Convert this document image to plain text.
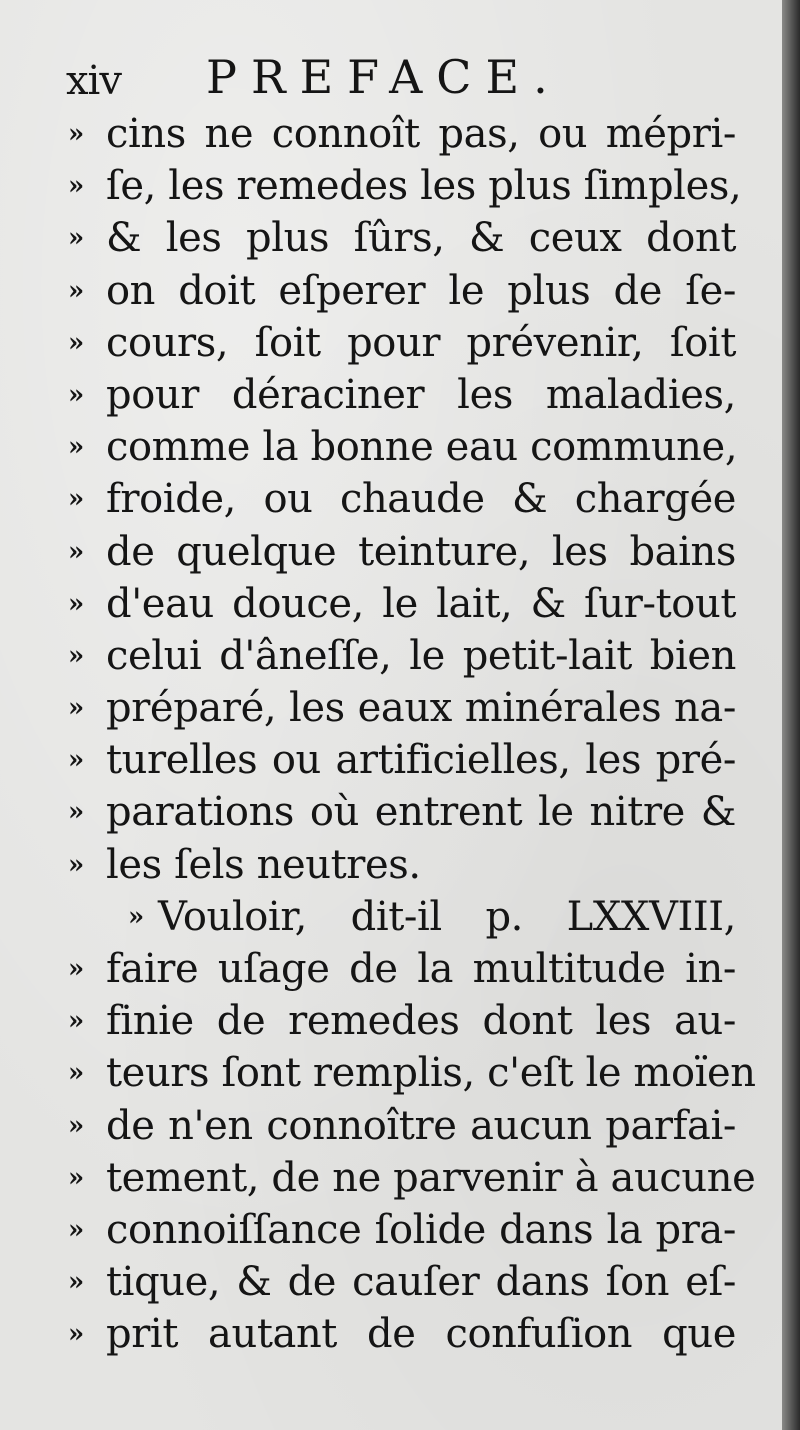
xiv PREFACE.
» cins ne connoît pas, ou mépri-
» ſe, les remedes les plus ſimples,
» & les plus ſûrs, & ceux dont
» on doit eſperer le plus de ſe-
» cours, ſoit pour prévenir, ſoit
» pour déraciner les maladies,
» comme la bonne eau commune,
» froide, ou chaude & chargée
» de quelque teinture, les bains
» d'eau douce, le lait, & ſur-tout
» celui d'âneſſe, le petit-lait bien
» préparé, les eaux minérales na-
» turelles ou artificielles, les pré-
» parations où entrent le nitre &
» les ſels neutres.
» Vouloir, dit-il p. LXXVIII,
» faire uſage de la multitude in-
» finie de remedes dont les au-
» teurs ſont remplis, c'eſt le moïen
» de n'en connoître aucun parfai-
» tement, de ne parvenir à aucune
» connoiſſance ſolide dans la pra-
» tique, & de cauſer dans ſon eſ-
» prit autant de confuſion que
